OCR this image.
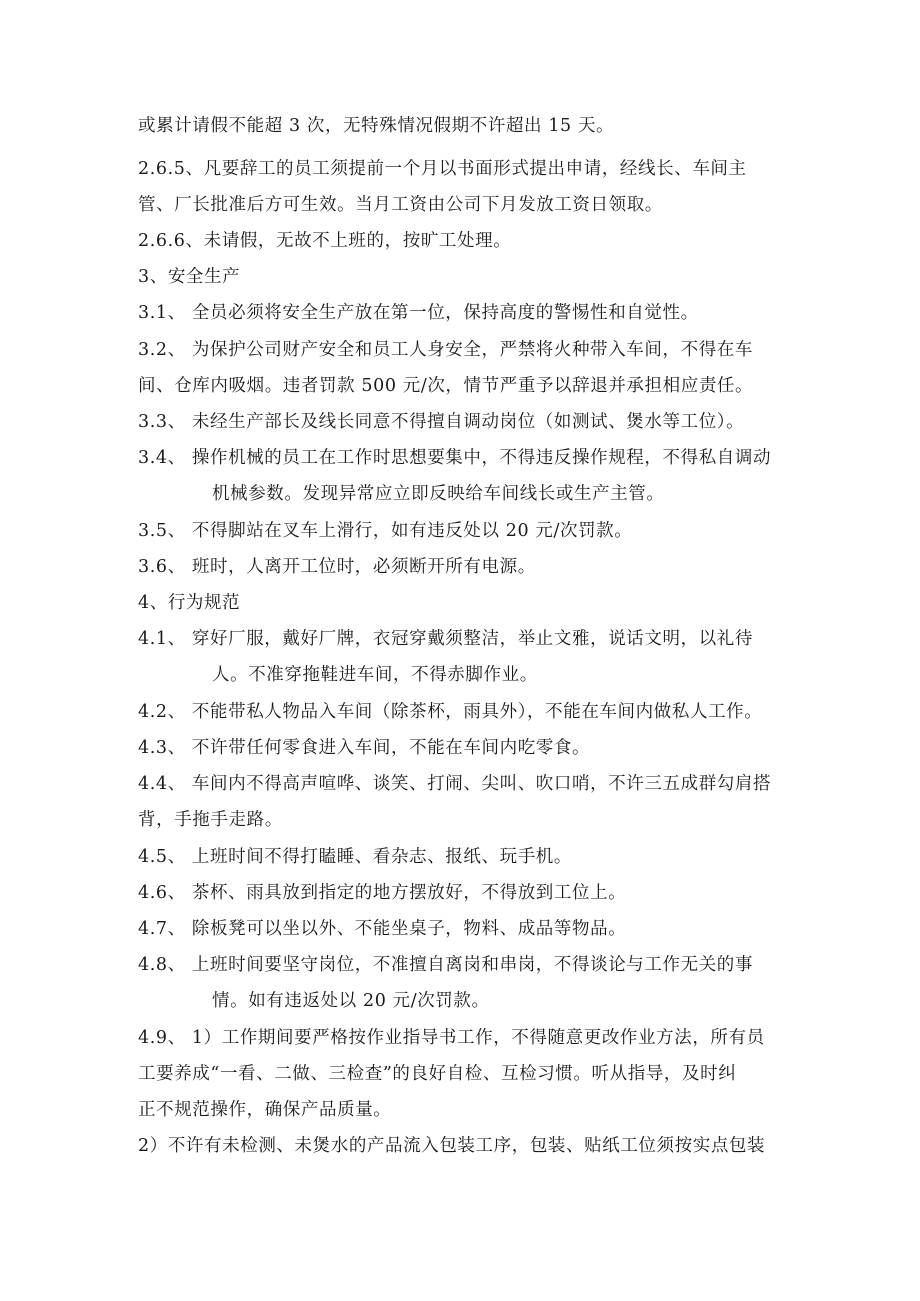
或累计请假不能超 3 次，无特殊情况假期不许超出 15 天。
2.6.5、凡要辞工的员工须提前一个月以书面形式提出申请，经线长、车间主
管、厂长批准后方可生效。当月工资由公司下月发放工资日领取。
2.6.6、未请假，无故不上班的，按旷工处理。
3、安全生产
3.1、 全员必须将安全生产放在第一位，保持高度的警惕性和自觉性。
3.2、 为保护公司财产安全和员工人身安全，严禁将火种带入车间，不得在车
间、仓库内吸烟。违者罚款 500 元/次，情节严重予以辞退并承担相应责任。
3.3、 未经生产部长及线长同意不得擅自调动岗位（如测试、煲水等工位）。
3.4、 操作机械的员工在工作时思想要集中，不得违反操作规程，不得私自调动
机械参数。发现异常应立即反映给车间线长或生产主管。
3.5、 不得脚站在叉车上滑行，如有违反处以 20 元/次罚款。
3.6、 班时，人离开工位时，必须断开所有电源。
4、行为规范
4.1、 穿好厂服，戴好厂牌，衣冠穿戴须整洁，举止文雅，说话文明，以礼待
人。不准穿拖鞋进车间，不得赤脚作业。
4.2、 不能带私人物品入车间（除茶杯，雨具外），不能在车间内做私人工作。
4.3、 不许带任何零食进入车间，不能在车间内吃零食。
4.4、 车间内不得高声喧哗、谈笑、打闹、尖叫、吹口哨，不许三五成群勾肩搭
背，手拖手走路。
4.5、 上班时间不得打瞌睡、看杂志、报纸、玩手机。
4.6、 茶杯、雨具放到指定的地方摆放好，不得放到工位上。
4.7、 除板凳可以坐以外、不能坐桌子，物料、成品等物品。
4.8、 上班时间要坚守岗位，不准擅自离岗和串岗，不得谈论与工作无关的事
情。如有违返处以 20 元/次罚款。
4.9、 1）工作期间要严格按作业指导书工作，不得随意更改作业方法，所有员
工要养成“一看、二做、三检查”的良好自检、互检习惯。听从指导，及时纠
正不规范操作，确保产品质量。
2）不许有未检测、未煲水的产品流入包装工序，包装、贴纸工位须按实点包装
